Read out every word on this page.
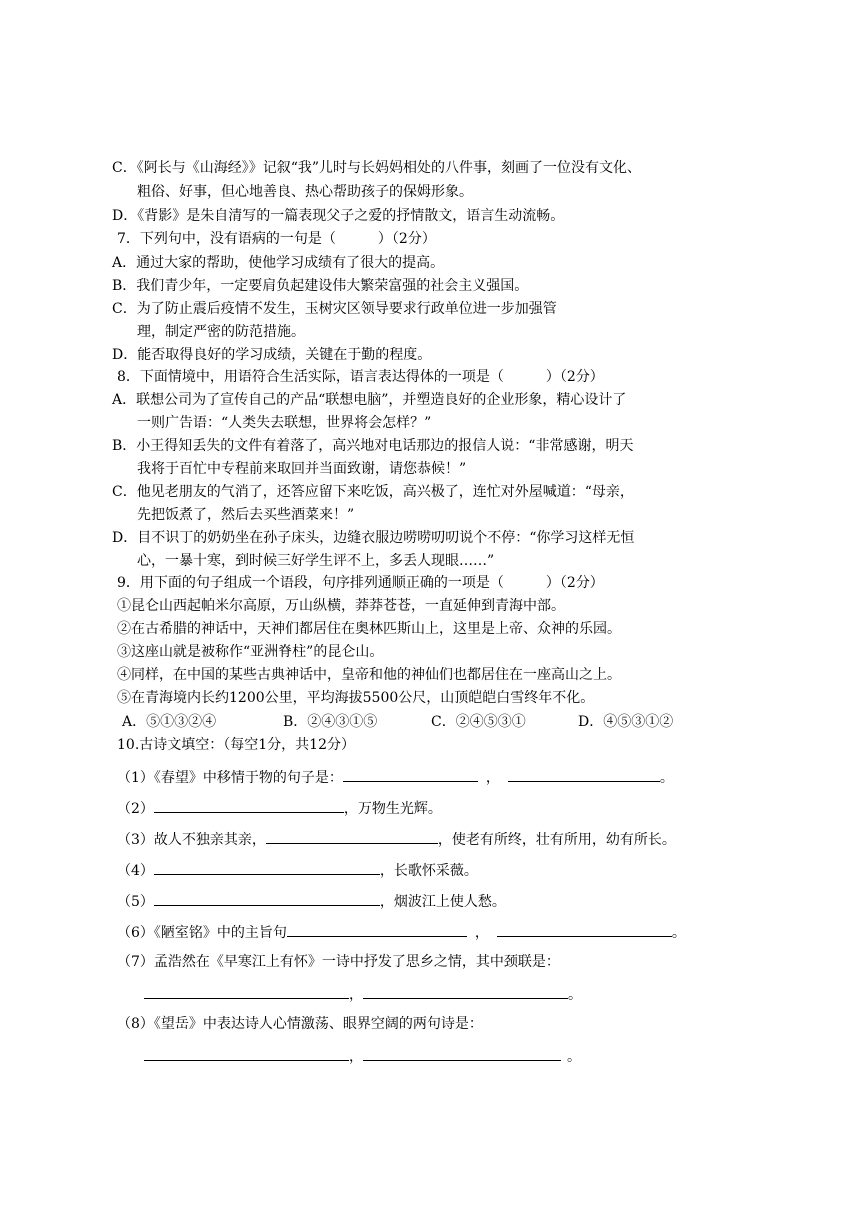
C．《阿长与《山海经》》记叙“我”儿时与长妈妈相处的八件事，刻画了一位没有文化、
粗俗、好事，但心地善良、热心帮助孩子的保姆形象。
D．《背影》是朱自清写的一篇表现父子之爱的抒情散文，语言生动流畅。
7．下列句中，没有语病的一句是（　　　）（2分）
A．通过大家的帮助，使他学习成绩有了很大的提高。
B．我们青少年，一定要肩负起建设伟大繁荣富强的社会主义强国。
C．为了防止震后疫情不发生，玉树灾区领导要求行政单位进一步加强管
理，制定严密的防范措施。
D．能否取得良好的学习成绩，关键在于勤的程度。
8．下面情境中，用语符合生活实际，语言表达得体的一项是（　　　）（2分）
A．联想公司为了宣传自己的产品“联想电脑”，并塑造良好的企业形象，精心设计了
一则广告语：“人类失去联想，世界将会怎样？”
B．小王得知丢失的文件有着落了，高兴地对电话那边的报信人说：“非常感谢，明天
我将于百忙中专程前来取回并当面致谢，请您恭候！”
C．他见老朋友的气消了，还答应留下来吃饭，高兴极了，连忙对外屋喊道：“母亲，
先把饭煮了，然后去买些酒菜来！”
D．目不识丁的奶奶坐在孙子床头，边缝衣服边唠唠叨叨说个不停：“你学习这样无恒
心，一暴十寒，到时候三好学生评不上，多丢人现眼……”
9．用下面的句子组成一个语段，句序排列通顺正确的一项是（　　　）（2分）
①昆仑山西起帕米尔高原，万山纵横，莽莽苍苍，一直延伸到青海中部。
②在古希腊的神话中，天神们都居住在奥林匹斯山上，这里是上帝、众神的乐园。
③这座山就是被称作“亚洲脊柱”的昆仑山。
④同样，在中国的某些古典神话中，皇帝和他的神仙们也都居住在一座高山之上。
⑤在青海境内长约1200公里，平均海拔5500公尺，山顶皑皑白雪终年不化。
A．⑤①③②④	B．②④③①⑤	C．②④⑤③①	D．④⑤③①②
10.古诗文填空：（每空1分，共12分）
（1）《春望》中移情于物的句子是：	，	。
（2）	，万物生光辉。
（3）故人不独亲其亲，	，使老有所终，壮有所用，幼有所长。
（4）	，长歌怀采薇。
（5）	，烟波江上使人愁。
（6）《陋室铭》中的主旨句	，	。
（7）孟浩然在《早寒江上有怀》一诗中抒发了思乡之情，其中颈联是：
，	。
（8）《望岳》中表达诗人心情激荡、眼界空阔的两句诗是：
，	。
